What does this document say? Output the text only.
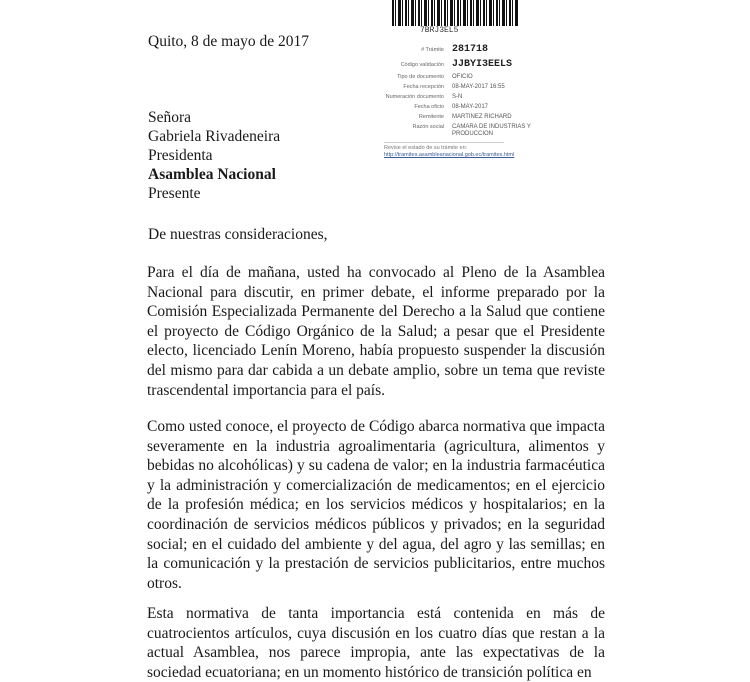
7BRJ3EL5
# Trámite 281718
Código validación JJBYI3EELS
Tipo de documento	OFICIO
Fecha recepción	08-MAY-2017 16:55
Numeración documento	S-N
Fecha oficio	08-MAY-2017
Remitente	MARTINEZ RICHARD
Razón social	CAMARA DE INDUSTRIAS Y PRODUCCION
Revise el estado de su trámite en:
http://tramites.asambleanacional.gob.ec/tramites.html
Quito, 8 de mayo de 2017
Señora
Gabriela Rivadeneira
Presidenta
Asamblea Nacional
Presente
De nuestras consideraciones,
Para el día de mañana, usted ha convocado al Pleno de la Asamblea Nacional para discutir, en primer debate, el informe preparado por la Comisión Especializada Permanente del Derecho a la Salud que contiene el proyecto de Código Orgánico de la Salud; a pesar que el Presidente electo, licenciado Lenín Moreno, había propuesto suspender la discusión del mismo para dar cabida a un debate amplio, sobre un tema que reviste trascendental importancia para el país.
Como usted conoce, el proyecto de Código abarca normativa que impacta severamente en la industria agroalimentaria (agricultura, alimentos y bebidas no alcohólicas) y su cadena de valor; en la industria farmacéutica y la administración y comercialización de medicamentos; en el ejercicio de la profesión médica; en los servicios médicos y hospitalarios; en la coordinación de servicios médicos públicos y privados; en la seguridad social; en el cuidado del ambiente y del agua, del agro y las semillas; en la comunicación y la prestación de servicios publicitarios, entre muchos otros.
Esta normativa de tanta importancia está contenida en más de cuatrocientos artículos, cuya discusión en los cuatro días que restan a la actual Asamblea, nos parece impropia, ante las expectativas de la sociedad ecuatoriana; en un momento histórico de transición política en
